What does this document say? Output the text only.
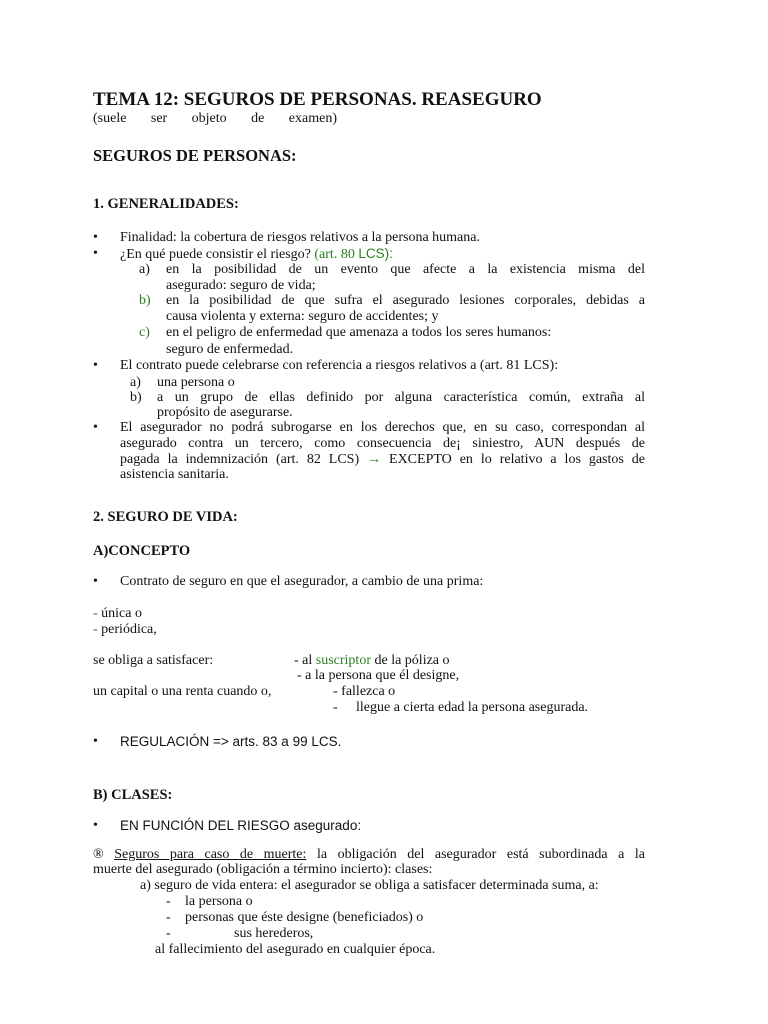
TEMA 12: SEGUROS DE PERSONAS. REASEGURO
(suele ser objeto de examen)
SEGUROS DE PERSONAS:
1. GENERALIDADES:
• Finalidad: la cobertura de riesgos relativos a la persona humana.
• ¿En qué puede consistir el riesgo? (art. 80 LCS):
a) en la posibilidad de un evento que afecte a la existencia misma del
asegurado: seguro de vida;
b) en la posibilidad de que sufra el asegurado lesiones corporales, debidas a
causa violenta y externa: seguro de accidentes; y
c) en el peligro de enfermedad que amenaza a todos los seres humanos:
seguro de enfermedad.
• El contrato puede celebrarse con referencia a riesgos relativos a (art. 81 LCS):
a) una persona o
b) a un grupo de ellas definido por alguna característica común, extraña al
propósito de asegurarse.
• El asegurador no podrá subrogarse en los derechos que, en su caso, correspondan al
asegurado contra un tercero, como consecuencia de¡ siniestro, AUN después de
pagada la indemnización (art. 82 LCS) → EXCEPTO en lo relativo a los gastos de
asistencia sanitaria.
2. SEGURO DE VIDA:
A)CONCEPTO
• Contrato de seguro en que el asegurador, a cambio de una prima:
- única o
- periódica,
se obliga a satisfacer:	- al suscriptor de la póliza o
- a la persona que él designe,
un capital o una renta cuando o,	- fallezca o
- llegue a cierta edad la persona asegurada.
• REGULACIÓN => arts. 83 a 99 LCS.
B) CLASES:
• EN FUNCIÓN DEL RIESGO asegurado:
® Seguros para caso de muerte: la obligación del asegurador está subordinada a la
muerte del asegurado (obligación a término incierto): clases:
a) seguro de vida entera: el asegurador se obliga a satisfacer determinada suma, a:
- la persona o
- personas que éste designe (beneficiados) o
-	sus herederos,
al fallecimiento del asegurado en cualquier época.
